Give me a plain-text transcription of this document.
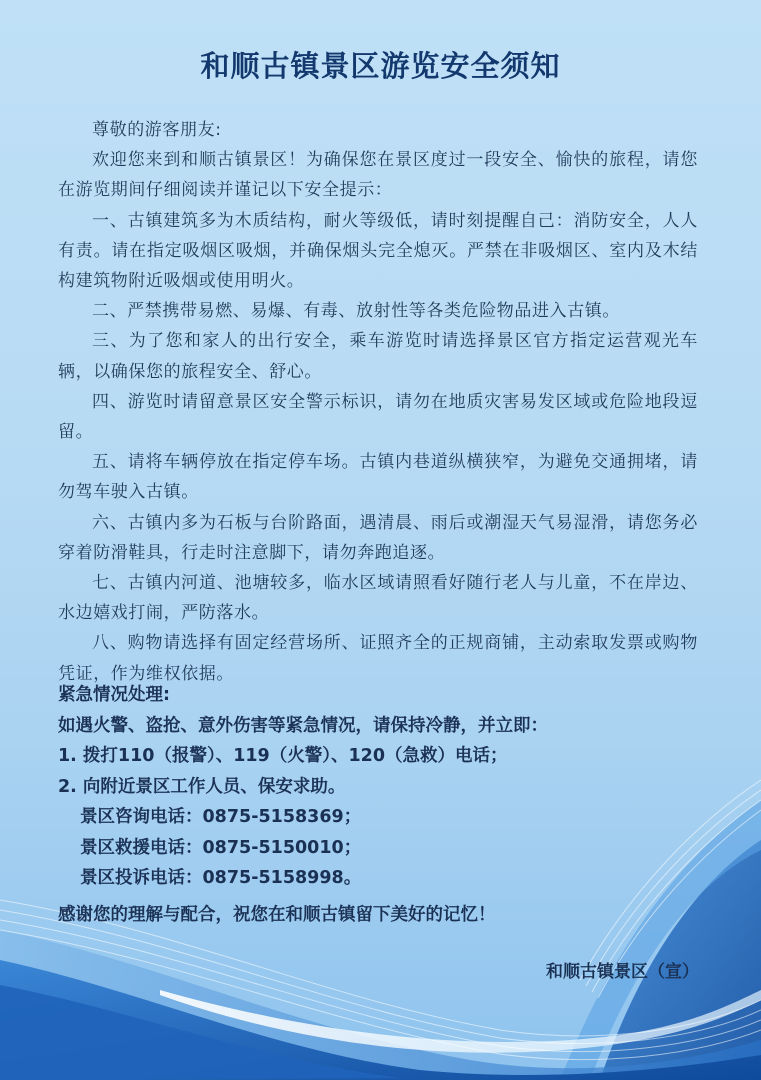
和顺古镇景区游览安全须知

尊敬的游客朋友:

欢迎您来到和顺古镇景区！为确保您在景区度过一段安全、愉快的旅程，请您在游览期间仔细阅读并谨记以下安全提示：

一、古镇建筑多为木质结构，耐火等级低，请时刻提醒自己：消防安全，人人有责。请在指定吸烟区吸烟，并确保烟头完全熄灭。严禁在非吸烟区、室内及木结构建筑物附近吸烟或使用明火。

二、严禁携带易燃、易爆、有毒、放射性等各类危险物品进入古镇。

三、为了您和家人的出行安全，乘车游览时请选择景区官方指定运营观光车辆，以确保您的旅程安全、舒心。

四、游览时请留意景区安全警示标识，请勿在地质灾害易发区域或危险地段逗留。

五、请将车辆停放在指定停车场。古镇内巷道纵横狭窄，为避免交通拥堵，请勿驾车驶入古镇。

六、古镇内多为石板与台阶路面，遇清晨、雨后或潮湿天气易湿滑，请您务必穿着防滑鞋具，行走时注意脚下，请勿奔跑追逐。

七、古镇内河道、池塘较多，临水区域请照看好随行老人与儿童，不在岸边、水边嬉戏打闹，严防落水。

八、购物请选择有固定经营场所、证照齐全的正规商铺，主动索取发票或购物凭证，作为维权依据。

紧急情况处理:

如遇火警、盗抢、意外伤害等紧急情况，请保持冷静，并立即：

1. 拨打110（报警）、119（火警）、120（急救）电话；

2. 向附近景区工作人员、保安求助。

景区咨询电话：0875-5158369；

景区救援电话：0875-5150010；

景区投诉电话：0875-5158998。

感谢您的理解与配合，祝您在和顺古镇留下美好的记忆！
和顺古镇景区（宣）
